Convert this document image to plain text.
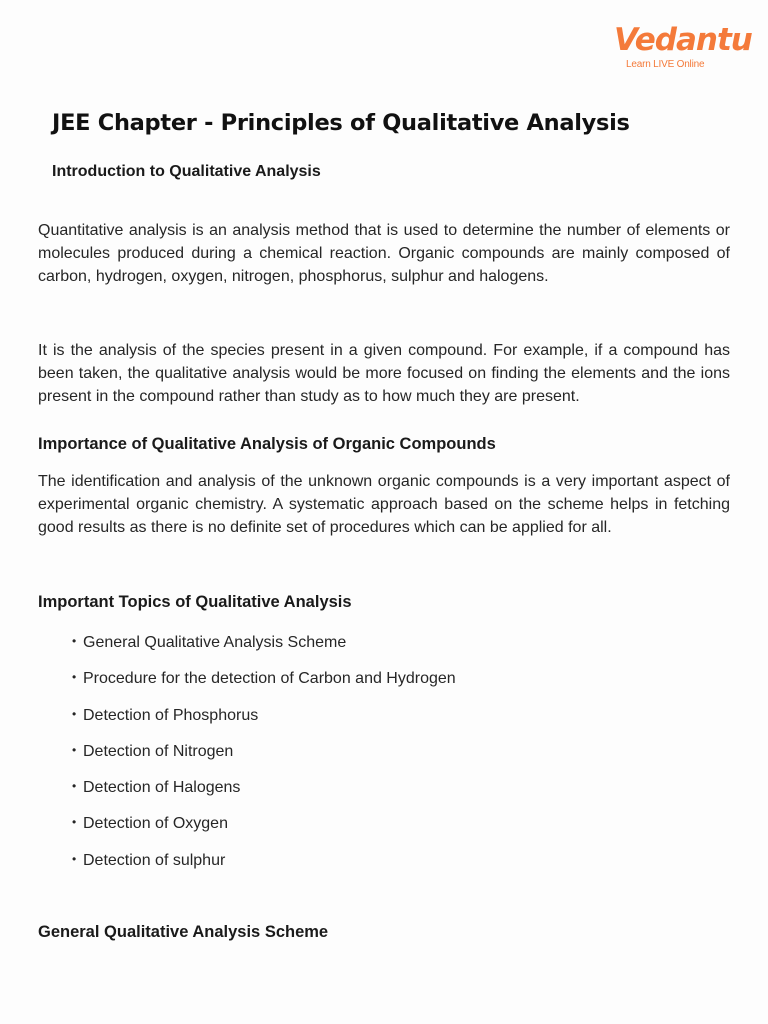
Vedantu
Learn LIVE Online
JEE Chapter - Principles of Qualitative Analysis
Introduction to Qualitative Analysis

Quantitative analysis is an analysis method that is used to determine the number of elements or molecules produced during a chemical reaction. Organic compounds are mainly composed of carbon, hydrogen, oxygen, nitrogen, phosphorus, sulphur and halogens.

It is the analysis of the species present in a given compound. For example, if a compound has been taken, the qualitative analysis would be more focused on finding the elements and the ions present in the compound rather than study as to how much they are present.

Importance of Qualitative Analysis of Organic Compounds

The identification and analysis of the unknown organic compounds is a very important aspect of experimental organic chemistry. A systematic approach based on the scheme helps in fetching good results as there is no definite set of procedures which can be applied for all.

Important Topics of Qualitative Analysis
• General Qualitative Analysis Scheme
• Procedure for the detection of Carbon and Hydrogen
• Detection of Phosphorus
• Detection of Nitrogen
• Detection of Halogens
• Detection of Oxygen
• Detection of sulphur
General Qualitative Analysis Scheme
